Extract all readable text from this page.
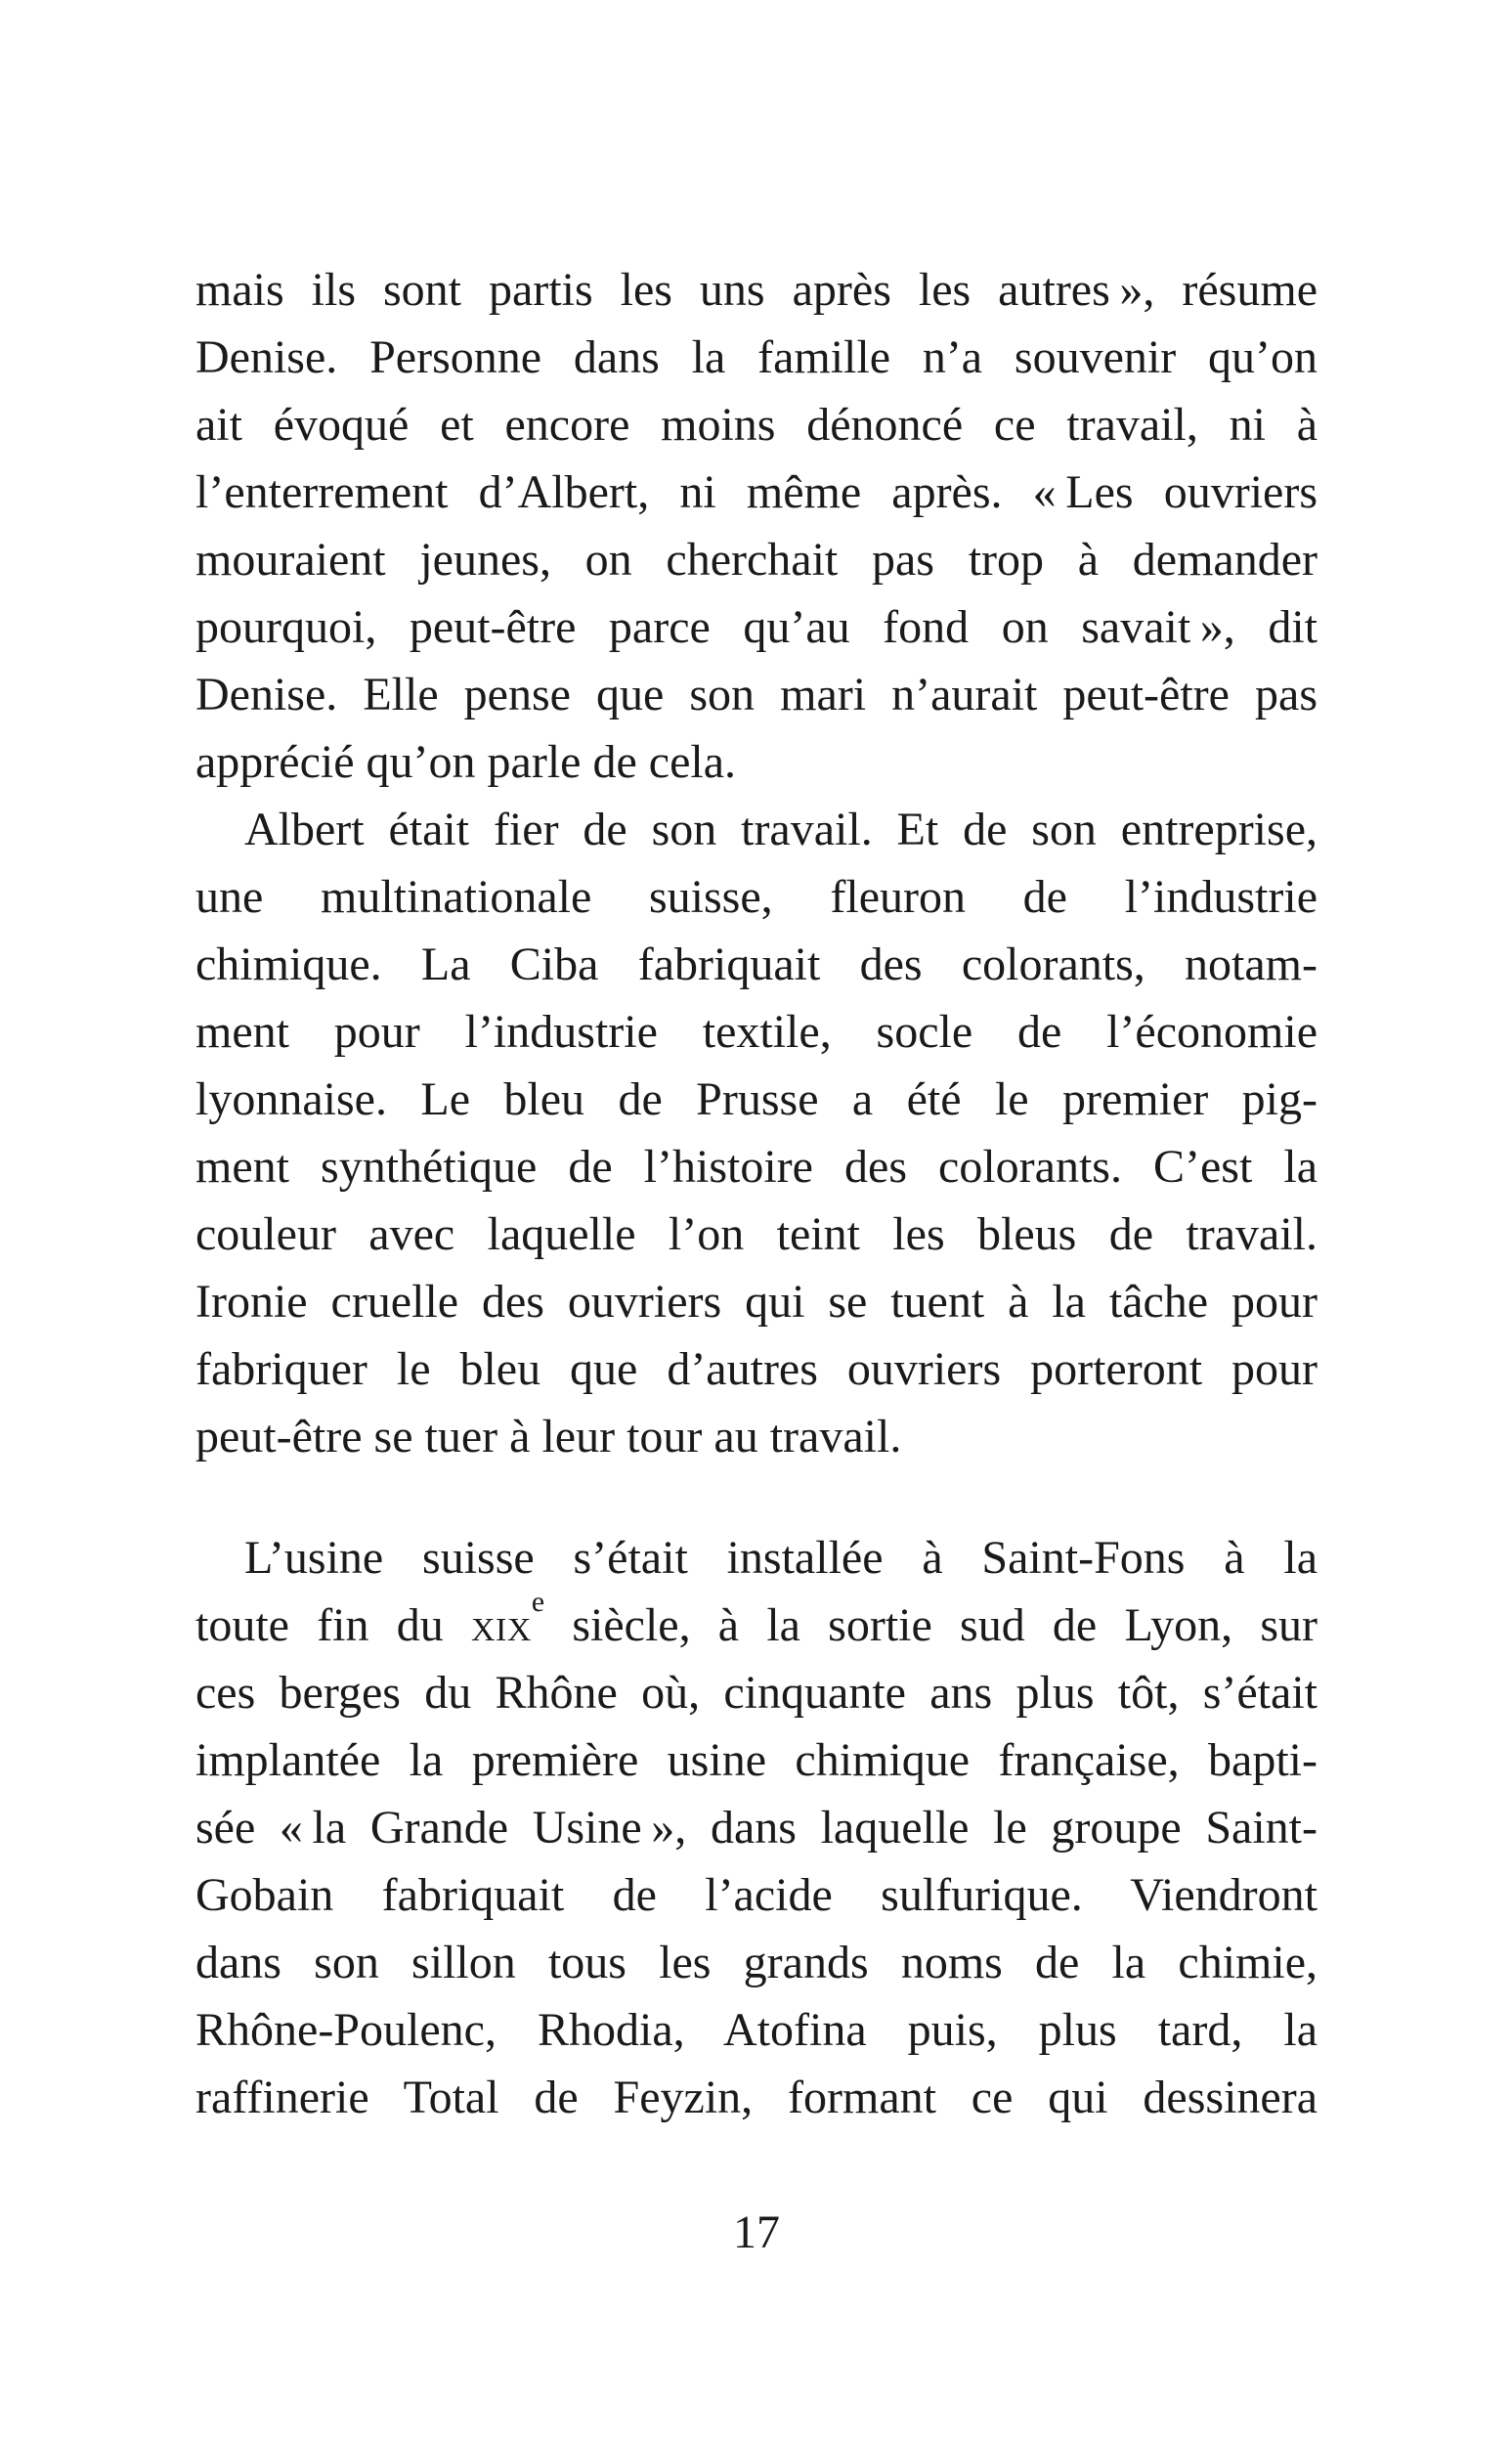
mais ils sont partis les uns après les autres », résume
Denise. Personne dans la famille n’a souvenir qu’on
ait évoqué et encore moins dénoncé ce travail, ni à
l’enterrement d’Albert, ni même après. « Les ouvriers
mouraient jeunes, on cherchait pas trop à demander
pourquoi, peut-être parce qu’au fond on savait », dit
Denise. Elle pense que son mari n’aurait peut-être pas
apprécié qu’on parle de cela.
Albert était fier de son travail. Et de son entreprise,
une multinationale suisse, fleuron de l’industrie
chimique. La Ciba fabriquait des colorants, notam-
ment pour l’industrie textile, socle de l’économie
lyonnaise. Le bleu de Prusse a été le premier pig-
ment synthétique de l’histoire des colorants. C’est la
couleur avec laquelle l’on teint les bleus de travail.
Ironie cruelle des ouvriers qui se tuent à la tâche pour
fabriquer le bleu que d’autres ouvriers porteront pour
peut-être se tuer à leur tour au travail.
L’usine suisse s’était installée à Saint-Fons à la
toute fin du xix$^e$ siècle, à la sortie sud de Lyon, sur
ces berges du Rhône où, cinquante ans plus tôt, s’était
implantée la première usine chimique française, bapti-
sée « la Grande Usine », dans laquelle le groupe Saint-
Gobain fabriquait de l’acide sulfurique. Viendront
dans son sillon tous les grands noms de la chimie,
Rhône-Poulenc, Rhodia, Atofina puis, plus tard, la
raffinerie Total de Feyzin, formant ce qui dessinera
17
